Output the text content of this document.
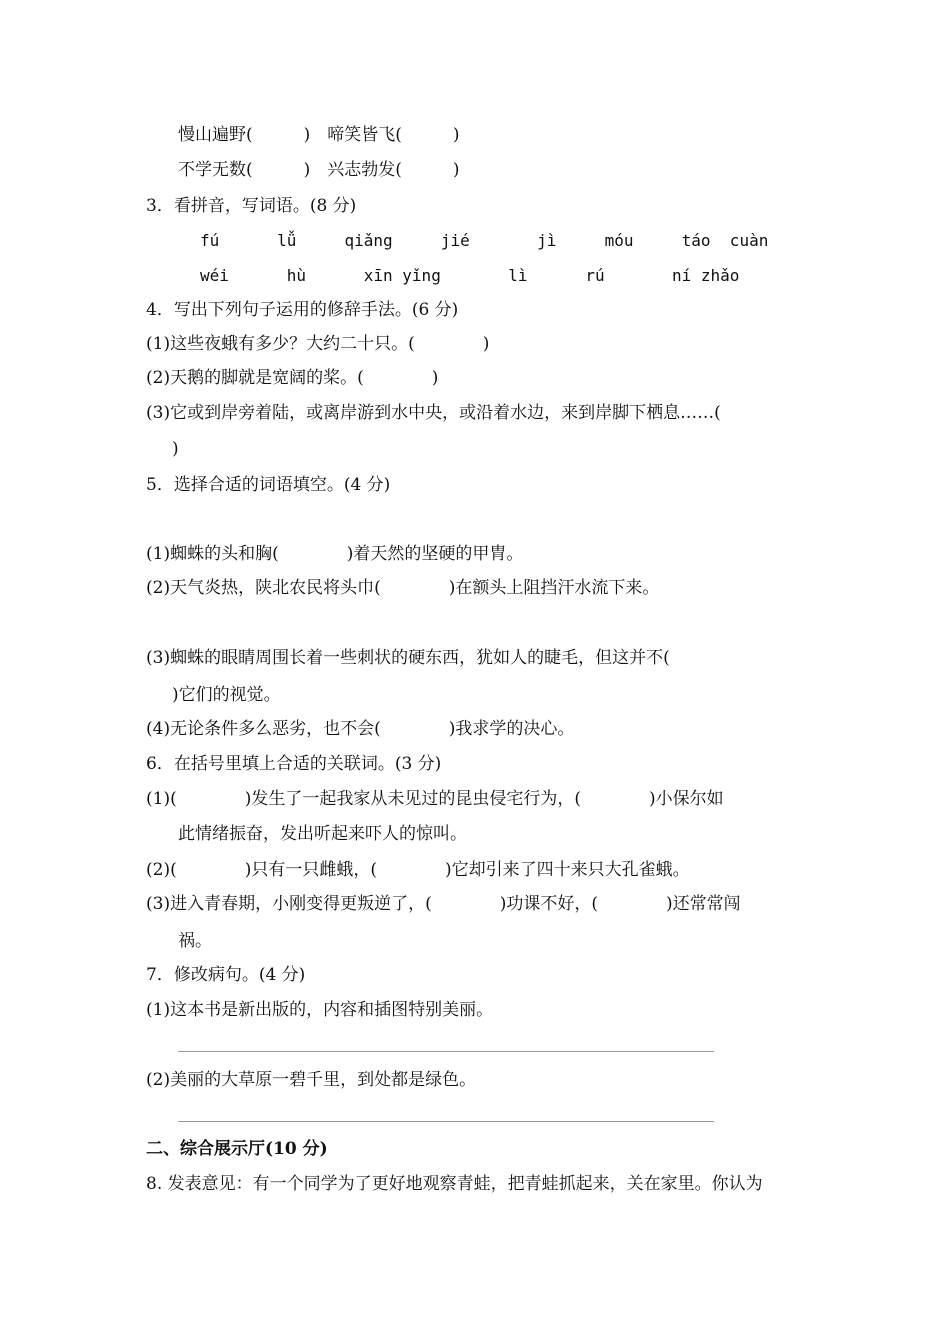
慢山遍野(　　　)　啼笑皆飞(　　　)
不学无数(　　　)　兴志勃发(　　　)
3．看拼音，写词语。(8 分)
fú      lǚ     qiǎng     jié       jì     móu     táo  cuàn
wéi      hù      xīn yǐng       lì      rú       ní zhǎo
4．写出下列句子运用的修辞手法。(6 分)
(1)这些夜蛾有多少？大约二十只。(　　　　)
(2)天鹅的脚就是宽阔的桨。(　　　　)
(3)它或到岸旁着陆，或离岸游到水中央，或沿着水边，来到岸脚下栖息……(
)
5．选择合适的词语填空。(4 分)
(1)蜘蛛的头和胸(　　　　)着天然的坚硬的甲胄。
(2)天气炎热，陕北农民将头巾(　　　　)在额头上阻挡汗水流下来。
(3)蜘蛛的眼睛周围长着一些刺状的硬东西，犹如人的睫毛，但这并不(
)它们的视觉。
(4)无论条件多么恶劣，也不会(　　　　)我求学的决心。
6．在括号里填上合适的关联词。(3 分)
(1)(　　　　)发生了一起我家从未见过的昆虫侵宅行为，(　　　　)小保尔如
此情绪振奋，发出听起来吓人的惊叫。
(2)(　　　　)只有一只雌蛾，(　　　　)它却引来了四十来只大孔雀蛾。
(3)进入青春期，小刚变得更叛逆了，(　　　　)功课不好，(　　　　)还常常闯
祸。
7．修改病句。(4 分)
(1)这本书是新出版的，内容和插图特别美丽。
(2)美丽的大草原一碧千里，到处都是绿色。
二、综合展示厅(10 分)
8. 发表意见：有一个同学为了更好地观察青蛙，把青蛙抓起来，关在家里。你认为
